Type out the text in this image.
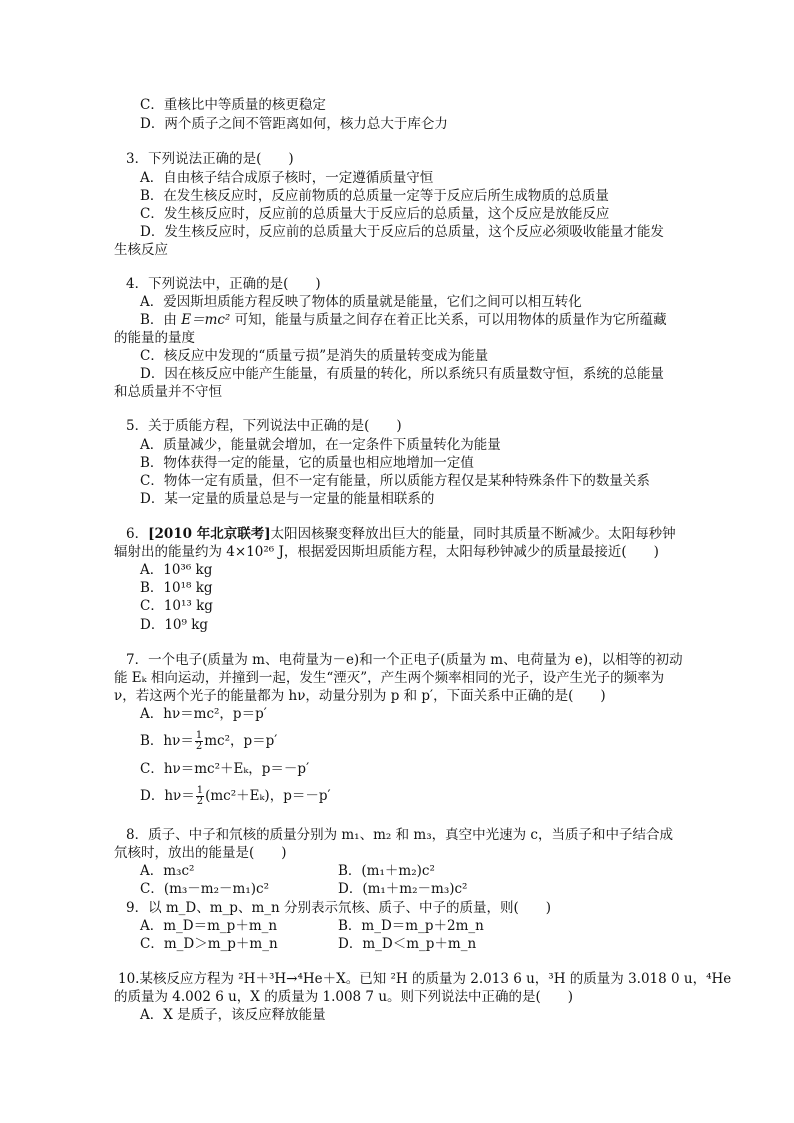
C．重核比中等质量的核更稳定
D．两个质子之间不管距离如何，核力总大于库仑力
3．下列说法正确的是(　　)
A．自由核子结合成原子核时，一定遵循质量守恒
B．在发生核反应时，反应前物质的总质量一定等于反应后所生成物质的总质量
C．发生核反应时，反应前的总质量大于反应后的总质量，这个反应是放能反应
D．发生核反应时，反应前的总质量大于反应后的总质量，这个反应必须吸收能量才能发
生核反应
4．下列说法中，正确的是(　　)
A．爱因斯坦质能方程反映了物体的质量就是能量，它们之间可以相互转化
B．由 E＝mc² 可知，能量与质量之间存在着正比关系，可以用物体的质量作为它所蕴藏
的能量的量度
C．核反应中发现的“质量亏损”是消失的质量转变成为能量
D．因在核反应中能产生能量，有质量的转化，所以系统只有质量数守恒，系统的总能量
和总质量并不守恒
5．关于质能方程，下列说法中正确的是(　　)
A．质量减少，能量就会增加，在一定条件下质量转化为能量
B．物体获得一定的能量，它的质量也相应地增加一定值
C．物体一定有质量，但不一定有能量，所以质能方程仅是某种特殊条件下的数量关系
D．某一定量的质量总是与一定量的能量相联系的
6．[2010 年北京联考]太阳因核聚变释放出巨大的能量，同时其质量不断减少。太阳每秒钟
辐射出的能量约为 4×10²⁶ J，根据爱因斯坦质能方程，太阳每秒钟减少的质量最接近(　　)
A．10³⁶ kg
B．10¹⁸ kg
C．10¹³ kg
D．10⁹ kg
7．一个电子(质量为 m、电荷量为－e)和一个正电子(质量为 m、电荷量为 e)，以相等的初动
能 Eₖ 相向运动，并撞到一起，发生“湮灭”，产生两个频率相同的光子，设产生光子的频率为
ν，若这两个光子的能量都为 hν，动量分别为 p 和 p′，下面关系中正确的是(　　)
A．hν＝mc²，p＝p′
B．$h\nu= \frac{1}{2} mc^2$，p＝p′
C．hν＝mc²＋Eₖ，p＝－p′
D．$h\nu= \frac{1}{2} (mc^2+E_k)$，p＝－p′
8．质子、中子和氘核的质量分别为 m₁、m₂ 和 m₃，真空中光速为 c，当质子和中子结合成
氘核时，放出的能量是(　　)
A．m₃c²	B．(m₁＋m₂)c²
C．(m₃－m₂－m₁)c²	D．(m₁＋m₂－m₃)c²
9．以 m_D、m_p、m_n 分别表示氘核、质子、中子的质量，则(　　)
A．m_D＝m_p＋m_n	B．m_D＝m_p＋2m_n
C．m_D＞m_p＋m_n	D．m_D＜m_p＋m_n
10.某核反应方程为 ²H＋³H→⁴He＋X。已知 ²H 的质量为 2.013 6 u，³H 的质量为 3.018 0 u，⁴He
的质量为 4.002 6 u，X 的质量为 1.008 7 u。则下列说法中正确的是(　　)
A．X 是质子，该反应释放能量
